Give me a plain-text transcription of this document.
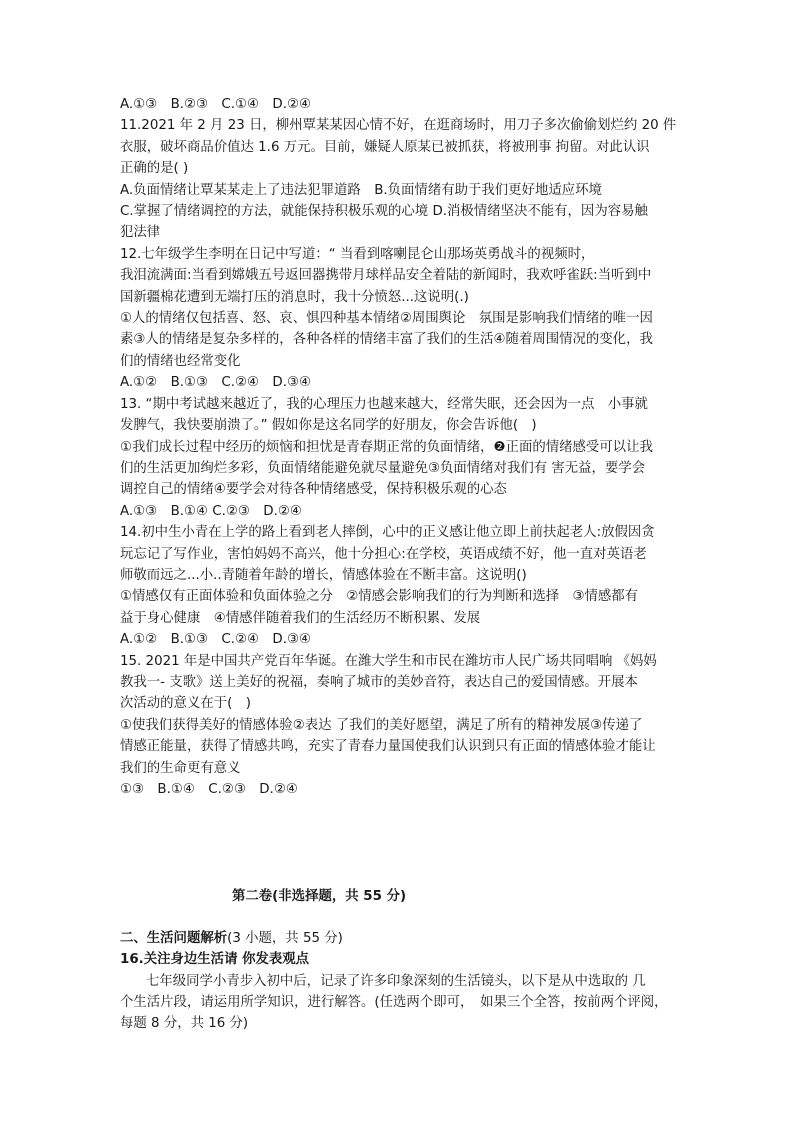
A.①③　B.②③　C.①④　D.②④
11.2021 年 2 月 23 日，柳州覃某某因心情不好，在逛商场时，用刀子多次偷偷划烂约 20 件
衣服，破坏商品价值达 1.6 万元。目前，嫌疑人原某已被抓获，将被刑事 拘留。对此认识
正确的是( )
A.负面情绪让覃某某走上了违法犯罪道路　B.负面情绪有助于我们更好地适应环境
C.掌握了情绪调控的方法，就能保持积极乐观的心境 D.消极情绪坚决不能有，因为容易触
犯法律
12.七年级学生李明在日记中写道：“ 当看到喀喇昆仑山那场英勇战斗的视频时，
我泪流满面:当看到嫦娥五号返回器携带月球样品安全着陆的新闻时，我欢呼雀跃:当听到中
国新疆棉花遭到无端打压的消息时，我十分愤怒...这说明(.)
①人的情绪仅包括喜、怒、哀、惧四种基本情绪②周围舆论　氛围是影响我们情绪的唯一因
素③人的情绪是复杂多样的，各种各样的情绪丰富了我们的生活④随着周围情况的变化，我
们的情绪也经常变化
A.①②　B.①③　C.②④　D.③④
13. “期中考试越来越近了，我的心理压力也越来越大，经常失眠，还会因为一点　小事就
发脾气，我快要崩溃了。” 假如你是这名同学的好朋友，你会告诉他(　)
①我们成长过程中经历的烦恼和担忧是青春期正常的负面情绪，❷正面的情绪感受可以让我
们的生活更加绚烂多彩，负面情绪能避免就尽量避免③负面情绪对我们有 害无益，要学会
调控自己的情绪④要学会对待各种情绪感受，保持积极乐观的心态
A.①③　B.①④ C.②③　D.②④
14.初中生小青在上学的路上看到老人摔倒，心中的正义感让他立即上前扶起老人:放假因贪
玩忘记了写作业，害怕妈妈不高兴，他十分担心:在学校，英语成绩不好，他一直对英语老
师敬而远之...小..青随着年龄的增长，情感体验在不断丰富。这说明()
①情感仅有正面体验和负面体验之分　②情感会影响我们的行为判断和选择　③情感都有
益于身心健康　④情感伴随着我们的生活经历不断积累、发展
A.①②　B.①③　C.②④　D.③④
15. 2021 年是中国共产党百年华诞。在潍大学生和市民在潍坊市人民广场共同唱响 《妈妈
教我一- 支歌》送上美好的祝福，奏响了城市的美妙音符，表达自己的爱国情感。开展本
次活动的意义在于(　)
①使我们获得美好的情感体验②表达 了我们的美好愿望，满足了所有的精神发展③传递了
情感正能量，获得了情感共鸣，充实了青春力量国使我们认识到只有正面的情感体验才能让
我们的生命更有意义
①③　B.①④　C.②③　D.②④
第二卷(非选择题，共 55 分)
二、生活问题解析(3 小题，共 55 分)
16.关注身边生活请 你发表观点
七年级同学小青步入初中后，记录了许多印象深刻的生活镜头，以下是从中选取的 几
个生活片段，请运用所学知识，进行解答。(任选两个即可，　如果三个全答，按前两个评阅，
每题 8 分，共 16 分)
